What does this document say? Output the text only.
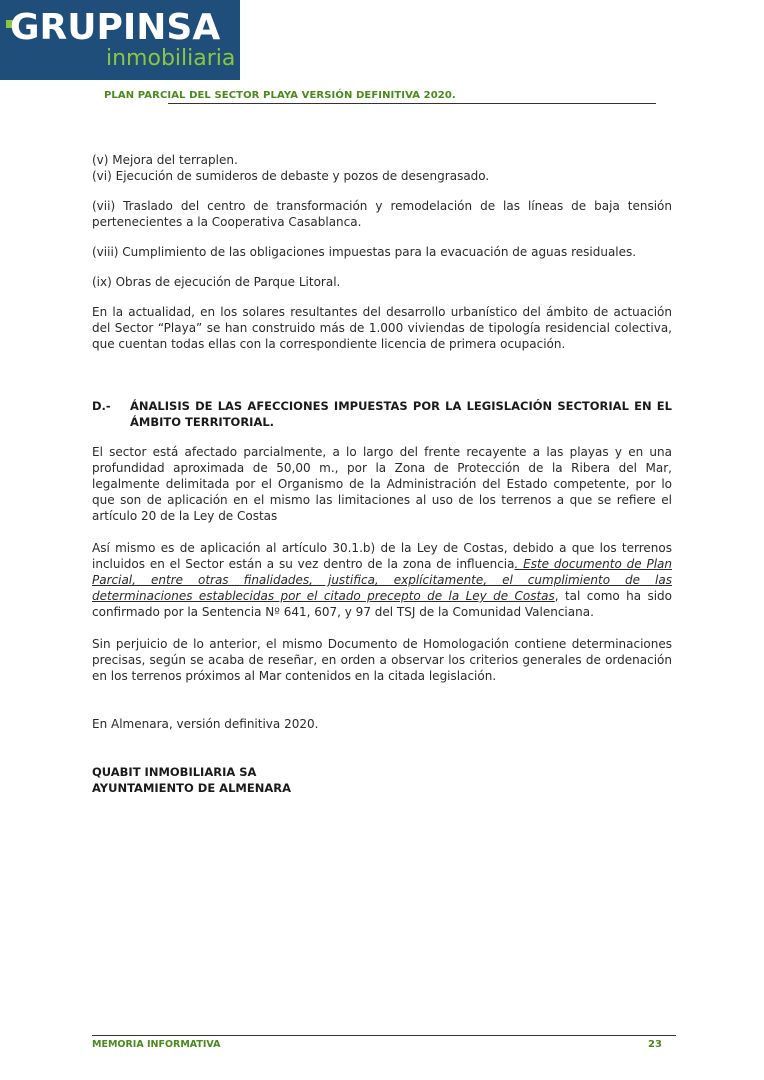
GRUPINSA
inmobiliaria
PLAN PARCIAL DEL SECTOR PLAYA VERSIÓN DEFINITIVA 2020.

(v) Mejora del terraplen.

(vi) Ejecución de sumideros de debaste y pozos de desengrasado.

(vii) Traslado del centro de transformación y remodelación de las líneas de baja tensión pertenecientes a la Cooperativa Casablanca.

(viii) Cumplimiento de las obligaciones impuestas para la evacuación de aguas residuales.

(ix) Obras de ejecución de Parque Litoral.

En la actualidad, en los solares resultantes del desarrollo urbanístico del ámbito de actuación del Sector “Playa” se han construido más de 1.000 viviendas de tipología residencial colectiva, que cuentan todas ellas con la correspondiente licencia de primera ocupación.

D.-	ÁNALISIS DE LAS AFECCIONES IMPUESTAS POR LA LEGISLACIÓN SECTORIAL EN EL ÁMBITO TERRITORIAL.

El sector está afectado parcialmente, a lo largo del frente recayente a las playas y en una profundidad aproximada de 50,00 m., por la Zona de Protección de la Ribera del Mar, legalmente delimitada por el Organismo de la Administración del Estado competente, por lo que son de aplicación en el mismo las limitaciones al uso de los terrenos a que se refiere el artículo 20 de la Ley de Costas

Así mismo es de aplicación al artículo 30.1.b) de la Ley de Costas, debido a que los terrenos incluidos en el Sector están a su vez dentro de la zona de influencia. Este documento de Plan Parcial, entre otras finalidades, justifica, explícitamente, el cumplimiento de las determinaciones establecidas por el citado precepto de la Ley de Costas, tal como ha sido confirmado por la Sentencia Nº 641, 607, y 97 del TSJ de la Comunidad Valenciana.

Sin perjuicio de lo anterior, el mismo Documento de Homologación contiene determinaciones precisas, según se acaba de reseñar, en orden a observar los criterios generales de ordenación en los terrenos próximos al Mar contenidos en la citada legislación.

En Almenara, versión definitiva 2020.

QUABIT INMOBILIARIA SA
AYUNTAMIENTO DE ALMENARA
MEMORIA INFORMATIVA	23
